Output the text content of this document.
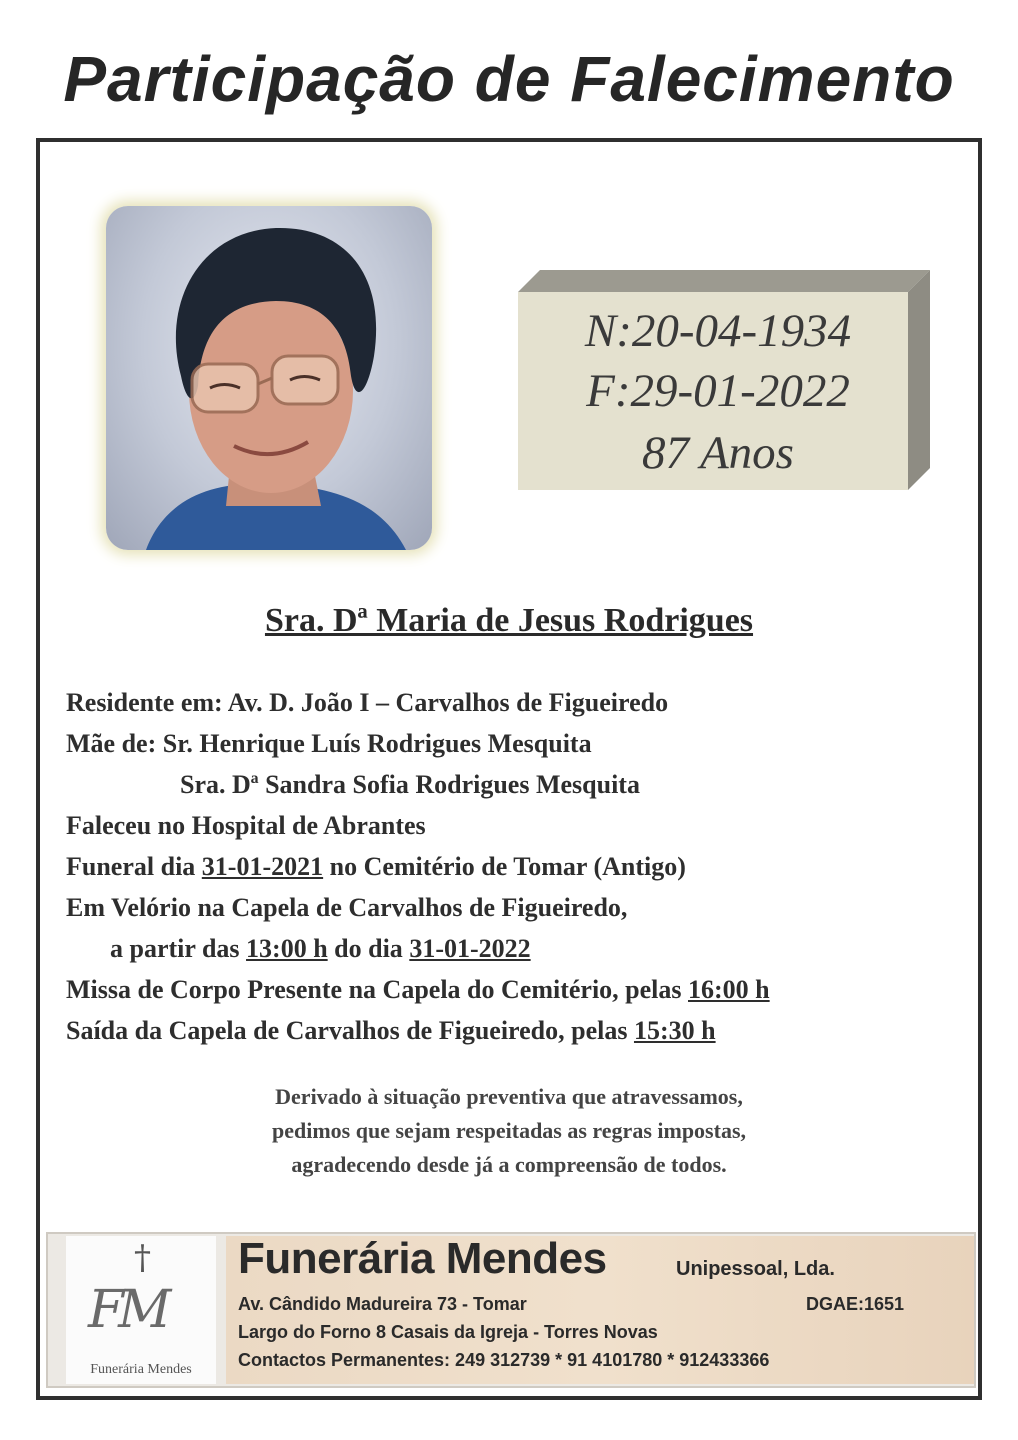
Participação de Falecimento
N:20-04-1934
F:29-01-2022
87 Anos
Sra. Dª Maria de Jesus Rodrigues
Residente em: Av. D. João I – Carvalhos de Figueiredo
Mãe de: Sr. Henrique Luís Rodrigues Mesquita
Sra. Dª Sandra Sofia Rodrigues Mesquita
Faleceu no Hospital de Abrantes
Funeral dia 31-01-2021 no Cemitério de Tomar (Antigo)
Em Velório na Capela de Carvalhos de Figueiredo,
a partir das 13:00 h do dia 31-01-2022
Missa de Corpo Presente na Capela do Cemitério, pelas 16:00 h
Saída da Capela de Carvalhos de Figueiredo, pelas 15:30 h
Derivado à situação preventiva que atravessamos,
pedimos que sejam respeitadas as regras impostas,
agradecendo desde já a compreensão de todos.
†
FM
Funerária Mendes
Funerária Mendes	Unipessoal, Lda.
Av. Cândido Madureira 73 - Tomar	DGAE:1651
Largo do Forno 8 Casais da Igreja - Torres Novas
Contactos Permanentes: 249 312739 * 91 4101780 * 912433366
